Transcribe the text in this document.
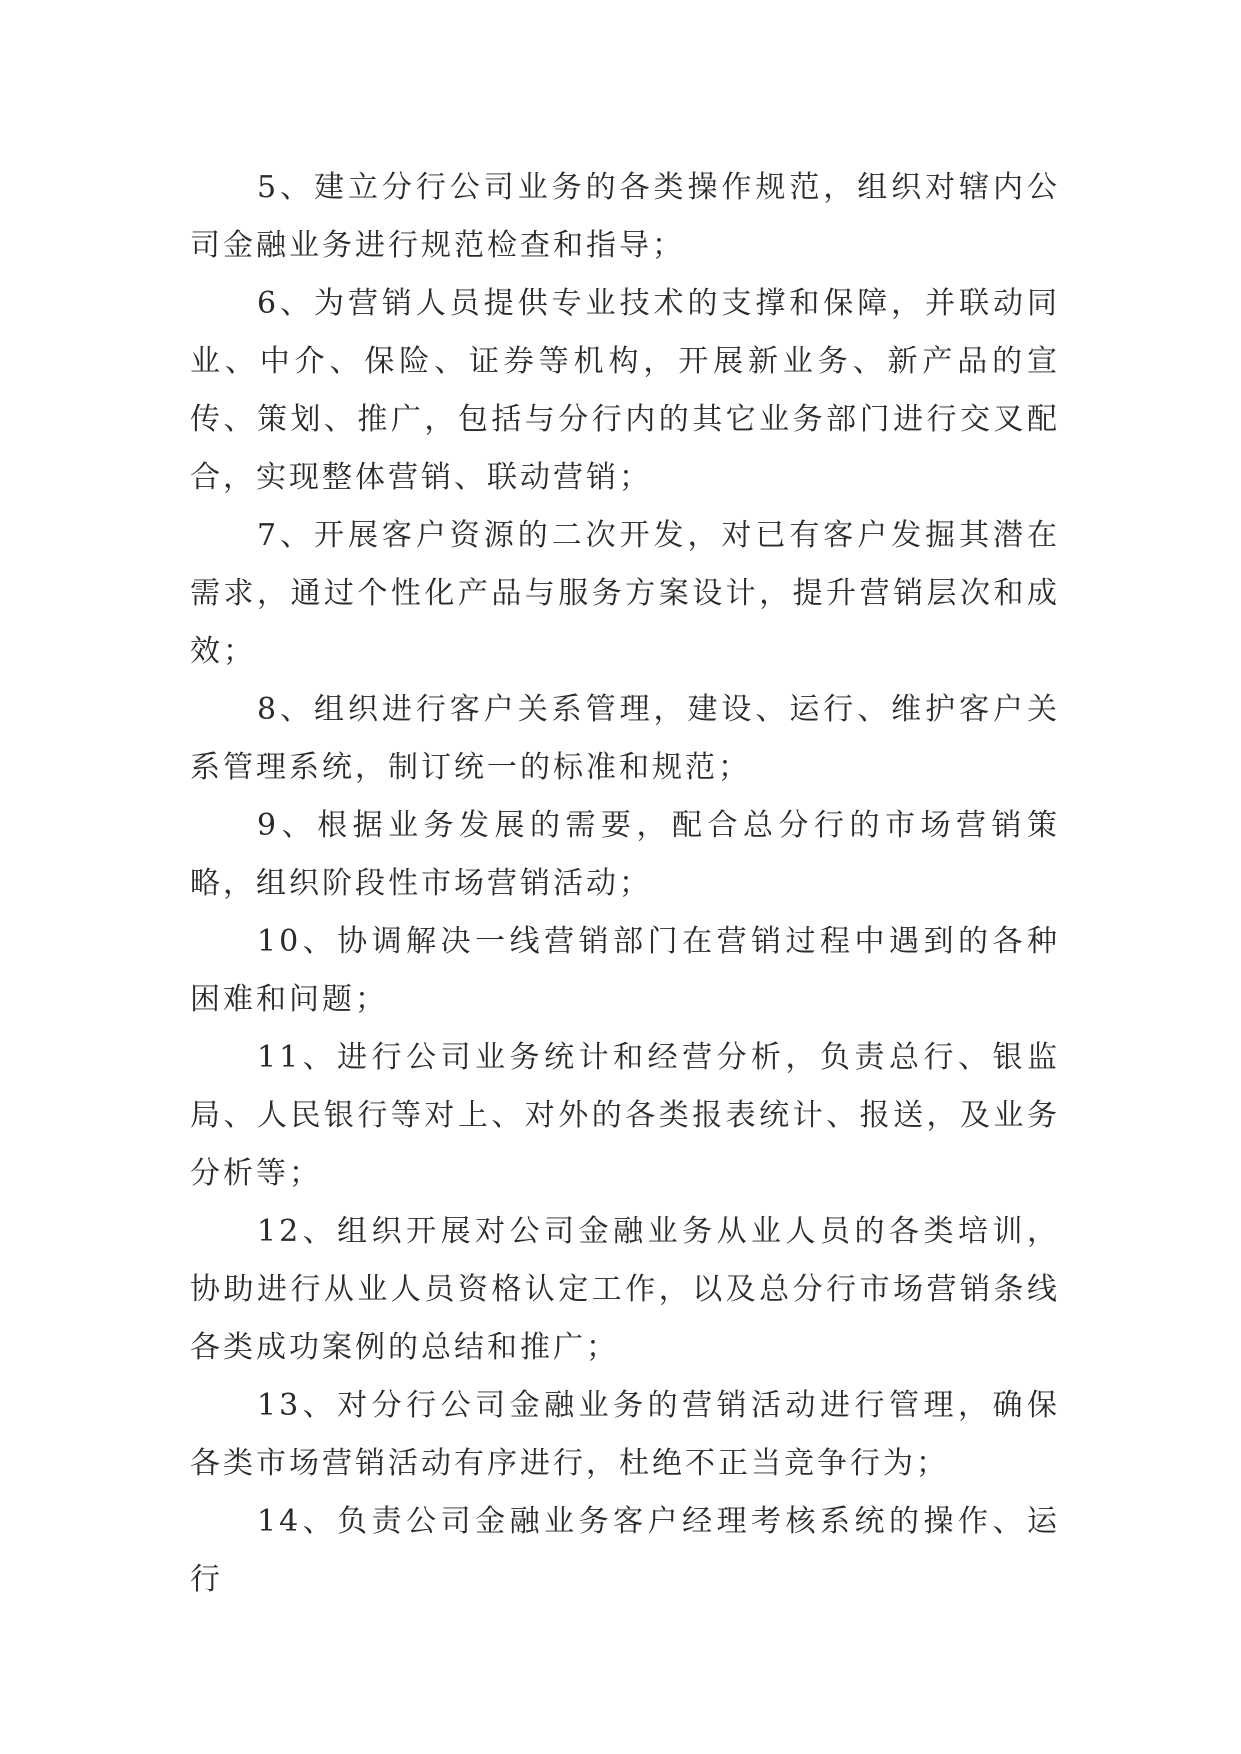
5、建立分行公司业务的各类操作规范，组织对辖内公司金融业务进行规范检查和指导；

6、为营销人员提供专业技术的支撑和保障，并联动同业、中介、保险、证券等机构，开展新业务、新产品的宣传、策划、推广，包括与分行内的其它业务部门进行交叉配合，实现整体营销、联动营销；

7、开展客户资源的二次开发，对已有客户发掘其潜在需求，通过个性化产品与服务方案设计，提升营销层次和成效；

8、组织进行客户关系管理，建设、运行、维护客户关系管理系统，制订统一的标准和规范；

9、根据业务发展的需要，配合总分行的市场营销策略，组织阶段性市场营销活动；

10、协调解决一线营销部门在营销过程中遇到的各种困难和问题；

11、进行公司业务统计和经营分析，负责总行、银监局、人民银行等对上、对外的各类报表统计、报送，及业务分析等；

12、组织开展对公司金融业务从业人员的各类培训，协助进行从业人员资格认定工作，以及总分行市场营销条线各类成功案例的总结和推广；

13、对分行公司金融业务的营销活动进行管理，确保各类市场营销活动有序进行，杜绝不正当竞争行为；

14、负责公司金融业务客户经理考核系统的操作、运行
